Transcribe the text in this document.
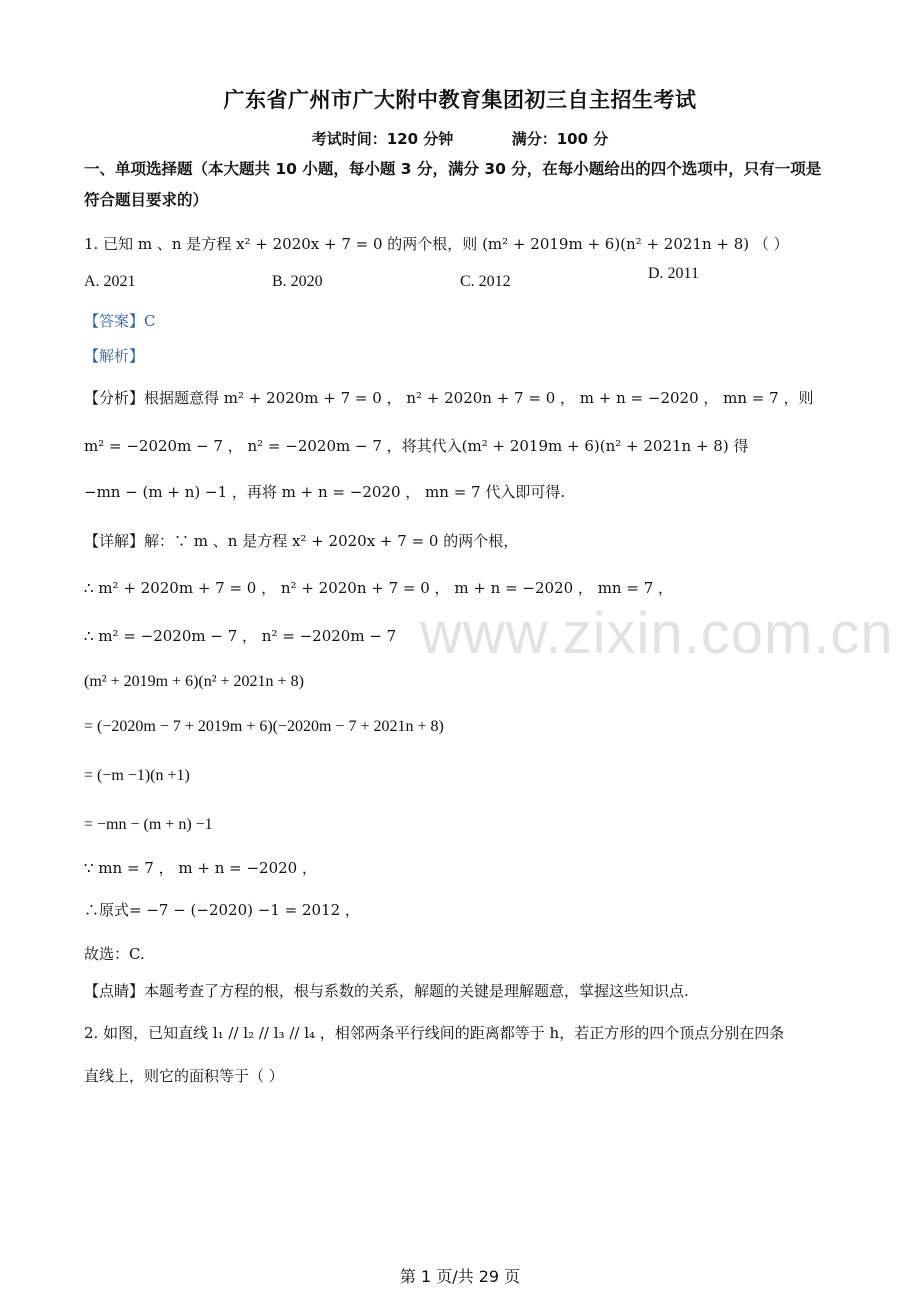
www.zixin.com.cn
广东省广州市广大附中教育集团初三自主招生考试
考试时间：120 分钟	满分：100 分
一、单项选择题（本大题共 10 小题，每小题 3 分，满分 30 分，在每小题给出的四个选项中，只有一项是符合题目要求的）
1. 已知 m 、n 是方程 x² + 2020x + 7 = 0 的两个根，则 (m² + 2019m + 6)(n² + 2021n + 8) （ ）
A. 2021	B. 2020	C. 2012	D. 2011
【答案】C
【解析】
【分析】根据题意得 m² + 2020m + 7 = 0 ， n² + 2020n + 7 = 0 ， m + n = −2020 ， mn = 7 ，则
m² = −2020m − 7 ， n² = −2020m − 7 ，将其代入(m² + 2019m + 6)(n² + 2021n + 8) 得
−mn − (m + n) −1 ，再将 m + n = −2020 ， mn = 7 代入即可得.
【详解】解：∵ m 、n 是方程 x² + 2020x + 7 = 0 的两个根，
∴ m² + 2020m + 7 = 0 ， n² + 2020n + 7 = 0 ， m + n = −2020 ， mn = 7 ，
∴ m² = −2020m − 7 ， n² = −2020m − 7
(m² + 2019m + 6)(n² + 2021n + 8)
= (−2020m − 7 + 2019m + 6)(−2020m − 7 + 2021n + 8)
= (−m −1)(n +1)
= −mn − (m + n) −1
∵ mn = 7 ， m + n = −2020 ，
∴原式= −7 − (−2020) −1 = 2012 ，
故选：C.
【点睛】本题考查了方程的根，根与系数的关系，解题的关键是理解题意，掌握这些知识点.
2. 如图，已知直线 l₁ // l₂ // l₃ // l₄ ，相邻两条平行线间的距离都等于 h，若正方形的四个顶点分别在四条
直线上，则它的面积等于（ ）
第 1 页/共 29 页
